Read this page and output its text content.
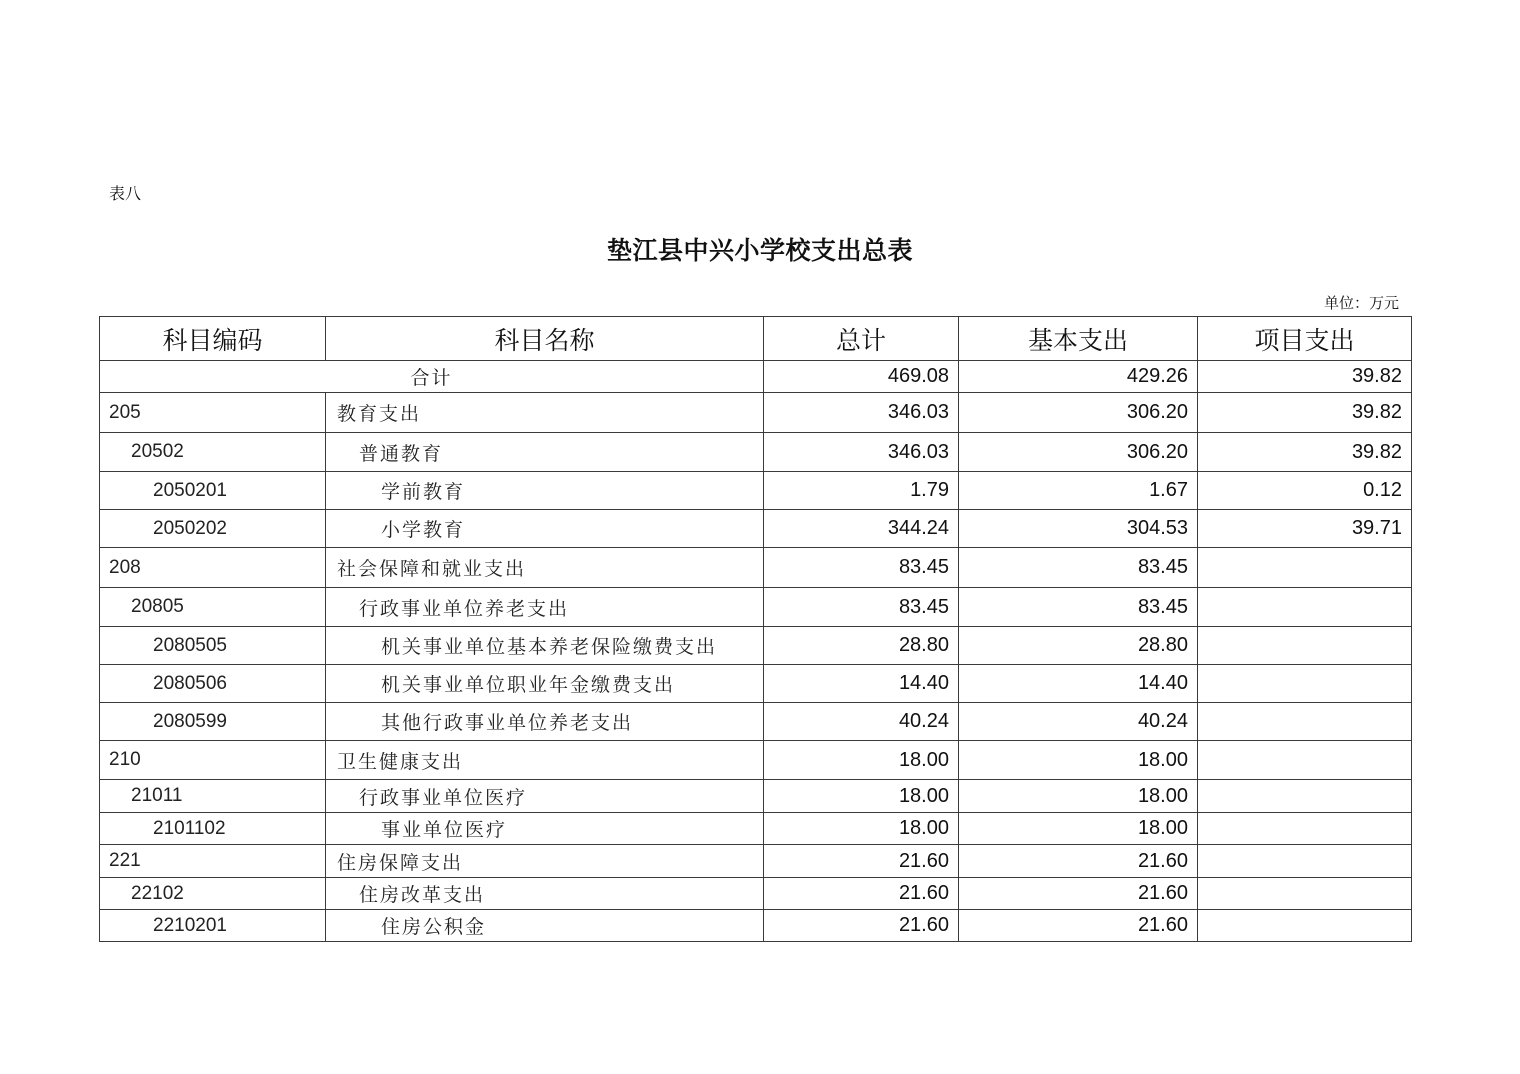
表八
垫江县中兴小学校支出总表
单位：万元
科目编码	科目名称	总计	基本支出	项目支出
合计		469.08	429.26	39.82
205	教育支出	346.03	306.20	39.82
20502	普通教育	346.03	306.20	39.82
2050201	学前教育	1.79	1.67	0.12
2050202	小学教育	344.24	304.53	39.71
208	社会保障和就业支出	83.45	83.45	
20805	行政事业单位养老支出	83.45	83.45	
2080505	机关事业单位基本养老保险缴费支出	28.80	28.80	
2080506	机关事业单位职业年金缴费支出	14.40	14.40	
2080599	其他行政事业单位养老支出	40.24	40.24	
210	卫生健康支出	18.00	18.00	
21011	行政事业单位医疗	18.00	18.00	
2101102	事业单位医疗	18.00	18.00	
221	住房保障支出	21.60	21.60	
22102	住房改革支出	21.60	21.60	
2210201	住房公积金	21.60	21.60	
